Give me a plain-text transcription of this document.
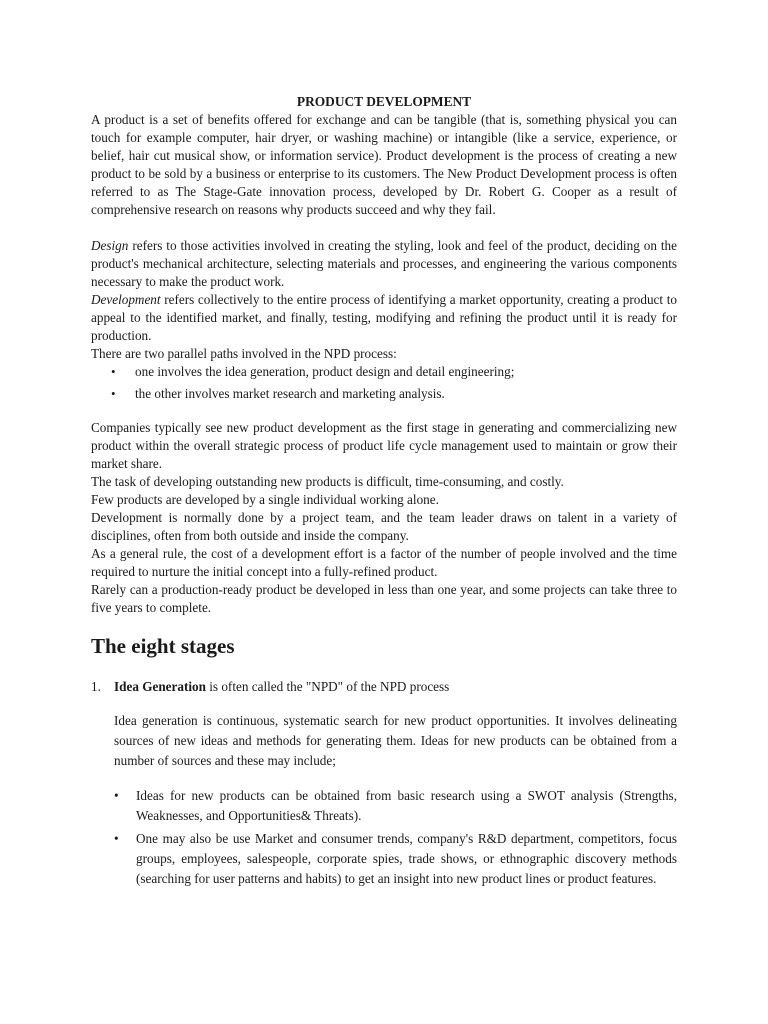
PRODUCT DEVELOPMENT

A product is a set of benefits offered for exchange and can be tangible (that is, something physical you can touch for example computer, hair dryer, or washing machine) or intangible (like a service, experience, or belief, hair cut musical show, or information service). Product development is the process of creating a new product to be sold by a business or enterprise to its customers. The New Product Development process is often referred to as The Stage-Gate innovation process, developed by Dr. Robert G. Cooper as a result of comprehensive research on reasons why products succeed and why they fail.

Design refers to those activities involved in creating the styling, look and feel of the product, deciding on the product's mechanical architecture, selecting materials and processes, and engineering the various components necessary to make the product work.

Development refers collectively to the entire process of identifying a market opportunity, creating a product to appeal to the identified market, and finally, testing, modifying and refining the product until it is ready for production.

There are two parallel paths involved in the NPD process:

• one involves the idea generation, product design and detail engineering;
• the other involves market research and marketing analysis.

Companies typically see new product development as the first stage in generating and commercializing new product within the overall strategic process of product life cycle management used to maintain or grow their market share.

The task of developing outstanding new products is difficult, time-consuming, and costly.

Few products are developed by a single individual working alone.

Development is normally done by a project team, and the team leader draws on talent in a variety of disciplines, often from both outside and inside the company.

As a general rule, the cost of a development effort is a factor of the number of people involved and the time required to nurture the initial concept into a fully-refined product.

Rarely can a production-ready product be developed in less than one year, and some projects can take three to five years to complete.

The eight stages
1. Idea Generation is often called the "NPD" of the NPD process

Idea generation is continuous, systematic search for new product opportunities. It involves delineating sources of new ideas and methods for generating them. Ideas for new products can be obtained from a number of sources and these may include;

• Ideas for new products can be obtained from basic research using a SWOT analysis (Strengths, Weaknesses, and Opportunities& Threats).
• One may also be use Market and consumer trends, company's R&D department, competitors, focus groups, employees, salespeople, corporate spies, trade shows, or ethnographic discovery methods (searching for user patterns and habits) to get an insight into new product lines or product features.
